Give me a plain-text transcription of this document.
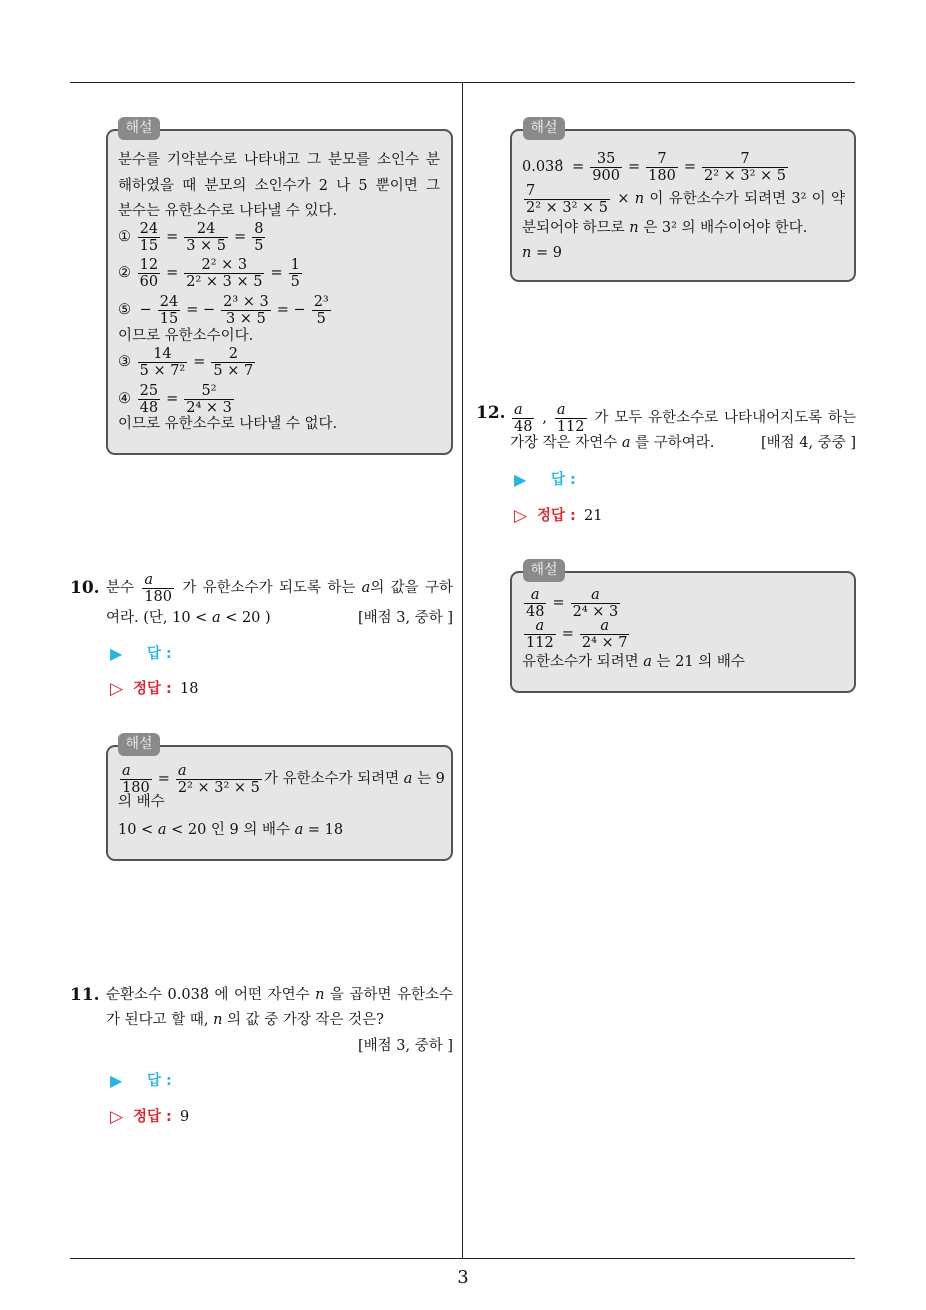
해설
분수를 기약분수로 나타내고 그 분모를 소인수 분
해하였을 때 분모의 소인수가 2 나 5 뿐이면 그
분수는 유한소수로 나타낼 수 있다.
① $\frac{24}{15} = \frac{24}{3 \times 5} = \frac{8}{5}$
② $\frac{12}{60} = \frac{\text{2² × 3}}{\text{2² × 3 × 5}} = \frac{1}{5}$
⑤ − $\frac{24}{15}$ = − $\frac{\text{2³ × 3}}{3 \times 5}$ = − $\frac{\text{2³}}{5}$
이므로 유한소수이다.
③ $\frac{14}{\text{5 × 7²}} = \frac{2}{5 \times 7}$
④ $\frac{25}{48} = \frac{\text{5²}}{\text{2⁴ × 3}}$
이므로 유한소수로 나타낼 수 없다.
10. 분수 $\frac{a}{180}$ 가 유한소수가 되도록 하는 a의 값을 구하
여라. (단, 10 < a < 20 )	[배점 3, 중하 ]
▶ 답 :
▷ 정답 : 18
해설
$\frac{a}{180} = \frac{a}{\text{2² × 3² × 5}}$ 가 유한소수가 되려면 a 는 9
의 배수
10 < a < 20 인 9 의 배수 a = 18
11. 순환소수 0.038̇ 에 어떤 자연수 n 을 곱하면 유한소수
가 된다고 할 때, n 의 값 중 가장 작은 것은?
[배점 3, 중하 ]
▶ 답 :
▷ 정답 : 9
해설
0.038̇ = $\frac{35}{900} = \frac{7}{180} = \frac{7}{\text{2² × 3² × 5}}$
$\frac{7}{\text{2² × 3² × 5}} \times n$ 이 유한소수가 되려면 3² 이 약
분되어야 하므로 n 은 3² 의 배수이어야 한다.
n = 9
12. $\frac{a}{48}$ , $\frac{a}{112}$ 가 모두 유한소수로 나타내어지도록 하는
가장 작은 자연수 a 를 구하여라.	[배점 4, 중중 ]
▶ 답 :
▷ 정답 : 21
해설
$\frac{a}{48} = \frac{a}{\text{2⁴ × 3}}$
$\frac{a}{112} = \frac{a}{\text{2⁴ × 7}}$
유한소수가 되려면 a 는 21 의 배수
3
